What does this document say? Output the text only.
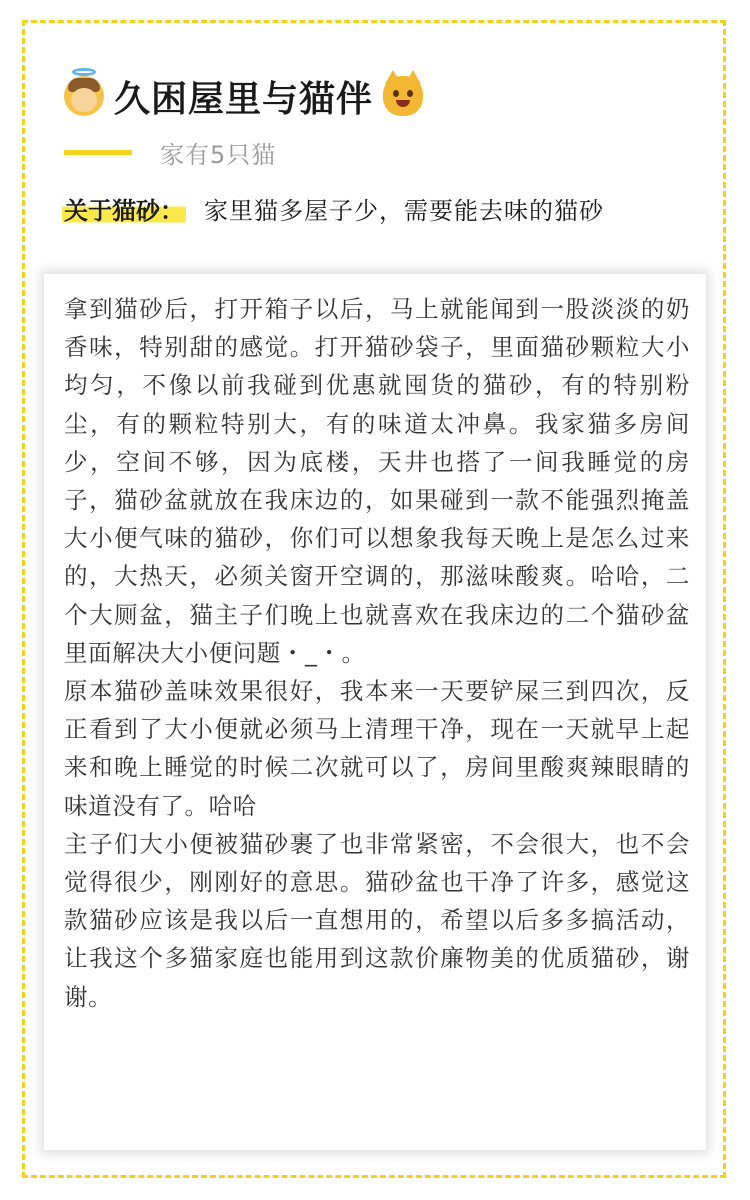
久困屋里与猫伴
家有5只猫
关于猫砂： 家里猫多屋子少，需要能去味的猫砂

拿到猫砂后，打开箱子以后，马上就能闻到一股淡淡的奶香味，特别甜的感觉。打开猫砂袋子，里面猫砂颗粒大小均匀，不像以前我碰到优惠就囤货的猫砂，有的特别粉尘，有的颗粒特别大，有的味道太冲鼻。我家猫多房间少，空间不够，因为底楼，天井也搭了一间我睡觉的房子，猫砂盆就放在我床边的，如果碰到一款不能强烈掩盖大小便气味的猫砂，你们可以想象我每天晚上是怎么过来的，大热天，必须关窗开空调的，那滋味酸爽。哈哈，二个大厕盆，猫主子们晚上也就喜欢在我床边的二个猫砂盆里面解决大小便问题・_・。

原本猫砂盖味效果很好，我本来一天要铲屎三到四次，反正看到了大小便就必须马上清理干净，现在一天就早上起来和晚上睡觉的时候二次就可以了，房间里酸爽辣眼睛的味道没有了。哈哈

主子们大小便被猫砂裹了也非常紧密，不会很大，也不会觉得很少，刚刚好的意思。猫砂盆也干净了许多，感觉这款猫砂应该是我以后一直想用的，希望以后多多搞活动，让我这个多猫家庭也能用到这款价廉物美的优质猫砂，谢谢。
